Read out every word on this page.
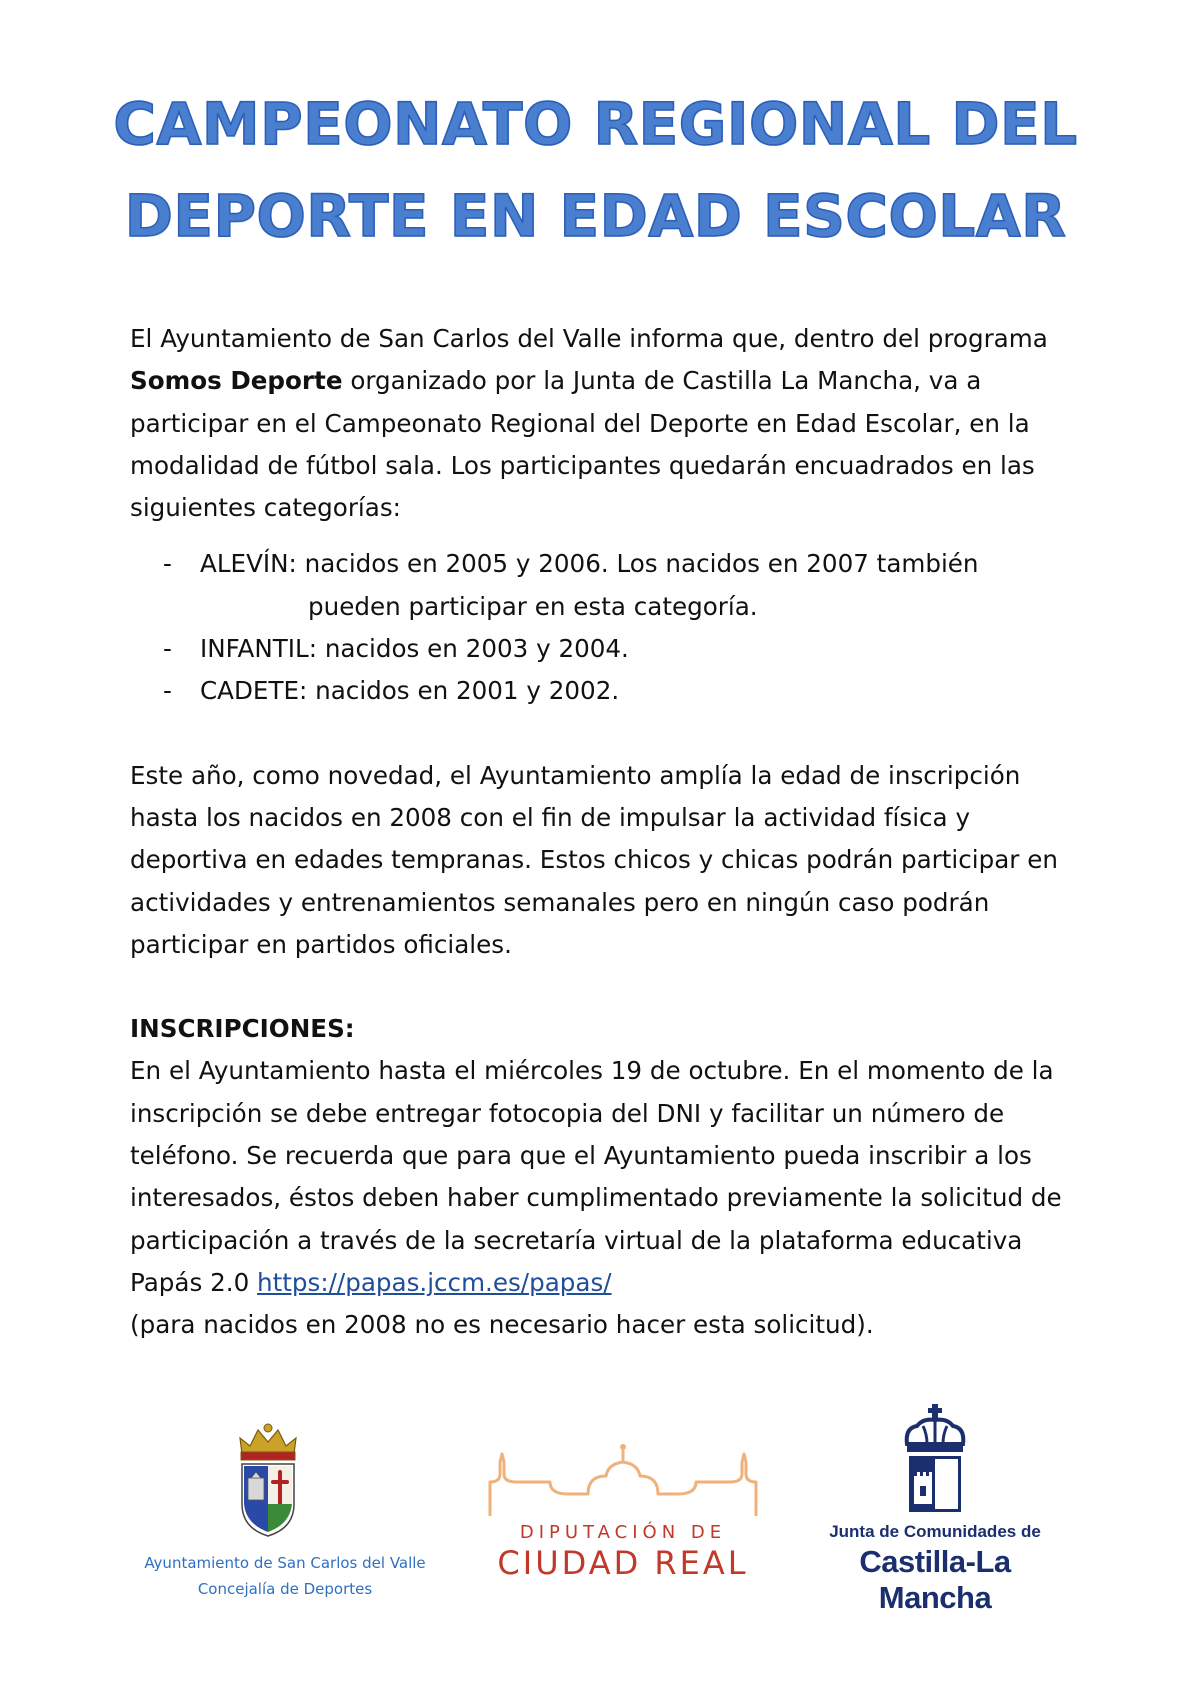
CAMPEONATO REGIONAL DEL
DEPORTE EN EDAD ESCOLAR

El Ayuntamiento de San Carlos del Valle informa que, dentro del programa Somos Deporte organizado por la Junta de Castilla La Mancha, va a participar en el Campeonato Regional del Deporte en Edad Escolar, en la modalidad de fútbol sala. Los participantes quedarán encuadrados en las siguientes categorías:

- ALEVÍN: nacidos en 2005 y 2006. Los nacidos en 2007 también
pueden participar en esta categoría.
- INFANTIL: nacidos en 2003 y 2004.
- CADETE: nacidos en 2001 y 2002.

Este año, como novedad, el Ayuntamiento amplía la edad de inscripción hasta los nacidos en 2008 con el fin de impulsar la actividad física y deportiva en edades tempranas. Estos chicos y chicas podrán participar en actividades y entrenamientos semanales pero en ningún caso podrán participar en partidos oficiales.

INSCRIPCIONES:

En el Ayuntamiento hasta el miércoles 19 de octubre. En el momento de la inscripción se debe entregar fotocopia del DNI y facilitar un número de teléfono. Se recuerda que para que el Ayuntamiento pueda inscribir a los interesados, éstos deben haber cumplimentado previamente la solicitud de participación a través de la secretaría virtual de la plataforma educativa Papás 2.0 https://papas.jccm.es/papas/
(para nacidos en 2008 no es necesario hacer esta solicitud).

Ayuntamiento de San Carlos del Valle
Concejalía de Deportes
DIPUTACIÓN DE
CIUDAD REAL
Junta de Comunidades de
Castilla-La Mancha
